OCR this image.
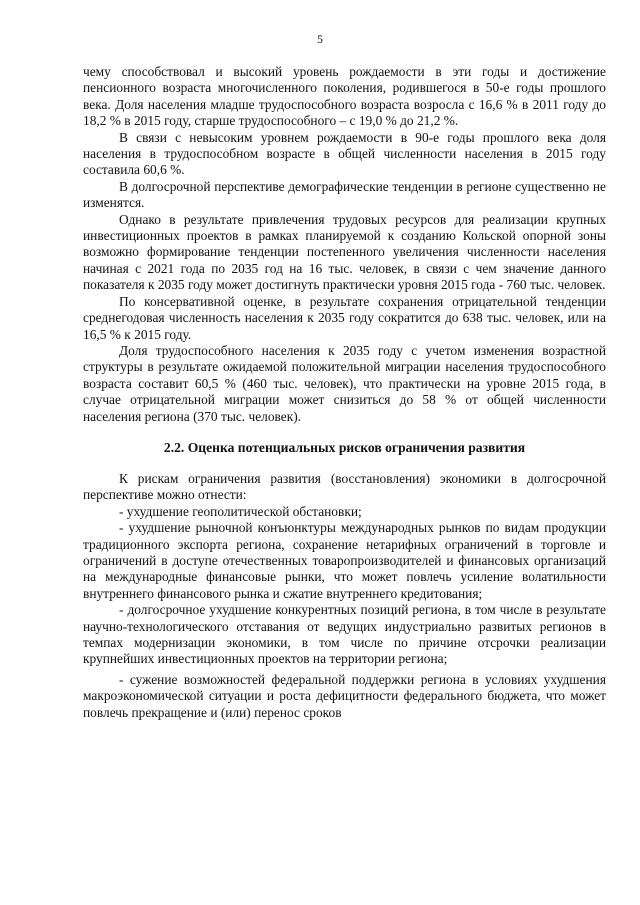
5

чему способствовал и высокий уровень рождаемости в эти годы и достижение пенсионного возраста многочисленного поколения, родившегося в 50-е годы прошлого века. Доля населения младше трудоспособного возраста возросла с 16,6 % в 2011 году до 18,2 % в 2015 году, старше трудоспособного – с 19,0 % до 21,2 %.

В связи с невысоким уровнем рождаемости в 90-е годы прошлого века доля населения в трудоспособном возрасте в общей численности населения в 2015 году составила 60,6 %.

В долгосрочной перспективе демографические тенденции в регионе существенно не изменятся.

Однако в результате привлечения трудовых ресурсов для реализации крупных инвестиционных проектов в рамках планируемой к созданию Кольской опорной зоны возможно формирование тенденции постепенного увеличения численности населения начиная с 2021 года по 2035 год на 16 тыс. человек, в связи с чем значение данного показателя к 2035 году может достигнуть практически уровня 2015 года - 760 тыс. человек.

По консервативной оценке, в результате сохранения отрицательной тенденции среднегодовая численность населения к 2035 году сократится до 638 тыс. человек, или на 16,5 % к 2015 году.

Доля трудоспособного населения к 2035 году с учетом изменения возрастной структуры в результате ожидаемой положительной миграции населения трудоспособного возраста составит 60,5 % (460 тыс. человек), что практически на уровне 2015 года, в случае отрицательной миграции может снизиться до 58 % от общей численности населения региона (370 тыс. человек).

2.2. Оценка потенциальных рисков ограничения развития

К рискам ограничения развития (восстановления) экономики в долгосрочной перспективе можно отнести:

- ухудшение геополитической обстановки;

- ухудшение рыночной конъюнктуры международных рынков по видам продукции традиционного экспорта региона, сохранение нетарифных ограничений в торговле и ограничений в доступе отечественных товаропроизводителей и финансовых организаций на международные финансовые рынки, что может повлечь усиление волатильности внутреннего финансового рынка и сжатие внутреннего кредитования;

- долгосрочное ухудшение конкурентных позиций региона, в том числе в результате научно-технологического отставания от ведущих индустриально развитых регионов в темпах модернизации экономики, в том числе по причине отсрочки реализации крупнейших инвестиционных проектов на территории региона;

- сужение возможностей федеральной поддержки региона в условиях ухудшения макроэкономической ситуации и роста дефицитности федерального бюджета, что может повлечь прекращение и (или) перенос сроков
